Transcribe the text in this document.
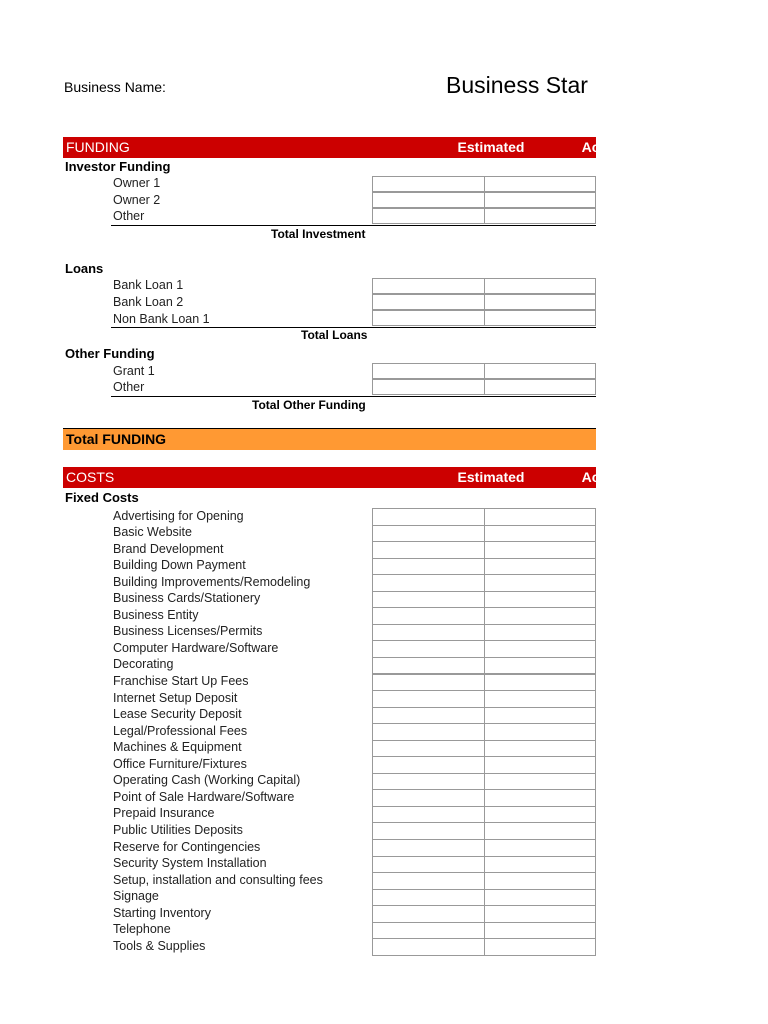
Business Name:	Business Star
FUNDING	Estimated	Actual
Investor Funding
Owner 1
Owner 2
Other
Total Investment
Loans
Bank Loan 1
Bank Loan 2
Non Bank Loan 1
Total Loans
Other Funding
Grant 1
Other
Total Other Funding
Total FUNDING
COSTS	Estimated	Actual
Fixed Costs
Advertising for Opening
Basic Website
Brand Development
Building Down Payment
Building Improvements/Remodeling
Business Cards/Stationery
Business Entity
Business Licenses/Permits
Computer Hardware/Software
Decorating
Franchise Start Up Fees
Internet Setup Deposit
Lease Security Deposit
Legal/Professional Fees
Machines & Equipment
Office Furniture/Fixtures
Operating Cash (Working Capital)
Point of Sale Hardware/Software
Prepaid Insurance
Public Utilities Deposits
Reserve for Contingencies
Security System Installation
Setup, installation and consulting fees
Signage
Starting Inventory
Telephone
Tools & Supplies
